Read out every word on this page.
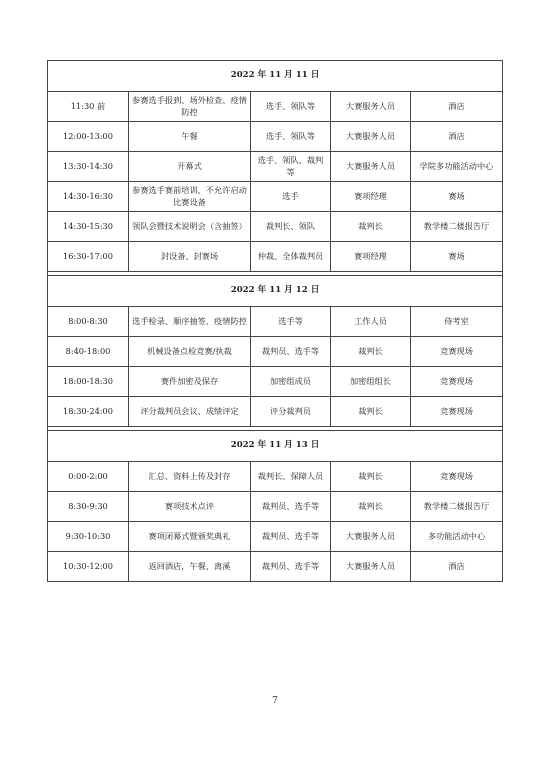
2022 年 11 月 11 日				
11:30 前	参赛选手报到、场外检查、疫情防控	选手、领队等	大赛服务人员	酒店
12:00-13:00	午餐	选手、领队等	大赛服务人员	酒店
13:30-14:30	开幕式	选手、领队、裁判等	大赛服务人员	学院多功能活动中心
14:30-16:30	参赛选手赛前培训，不允许启动比赛设备	选手	赛项经理	赛场
14:30-15:30	领队会暨技术说明会（含抽签）	裁判长、领队	裁判长	教学楼二楼报告厅
16:30-17:00	封设备、封赛场	仲裁、全体裁判员	赛项经理	赛场

2022 年 11 月 12 日				
8:00-8:30	选手检录、顺序抽签、疫情防控	选手等	工作人员	侍考室
8:40-18:00	机械设备点检竞赛/执裁	裁判员、选手等	裁判长	竞赛现场
18:00-18:30	赛件加密及保存	加密组成员	加密组组长	竞赛现场
18:30-24:00	评分裁判员会议、成绩评定	评分裁判员	裁判长	竞赛现场

2022 年 11 月 13 日				
0:00-2:00	汇总、资料上传及封存	裁判长、保障人员	裁判长	竞赛现场
8:30-9:30	赛项技术点评	裁判员、选手等	裁判长	教学楼二楼报告厅
9:30-10:30	赛项闭幕式暨颁奖典礼	裁判员、选手等	大赛服务人员	多功能活动中心
10:30-12:00	返回酒店，午餐，离溪	裁判员、选手等	大赛服务人员	酒店
7
